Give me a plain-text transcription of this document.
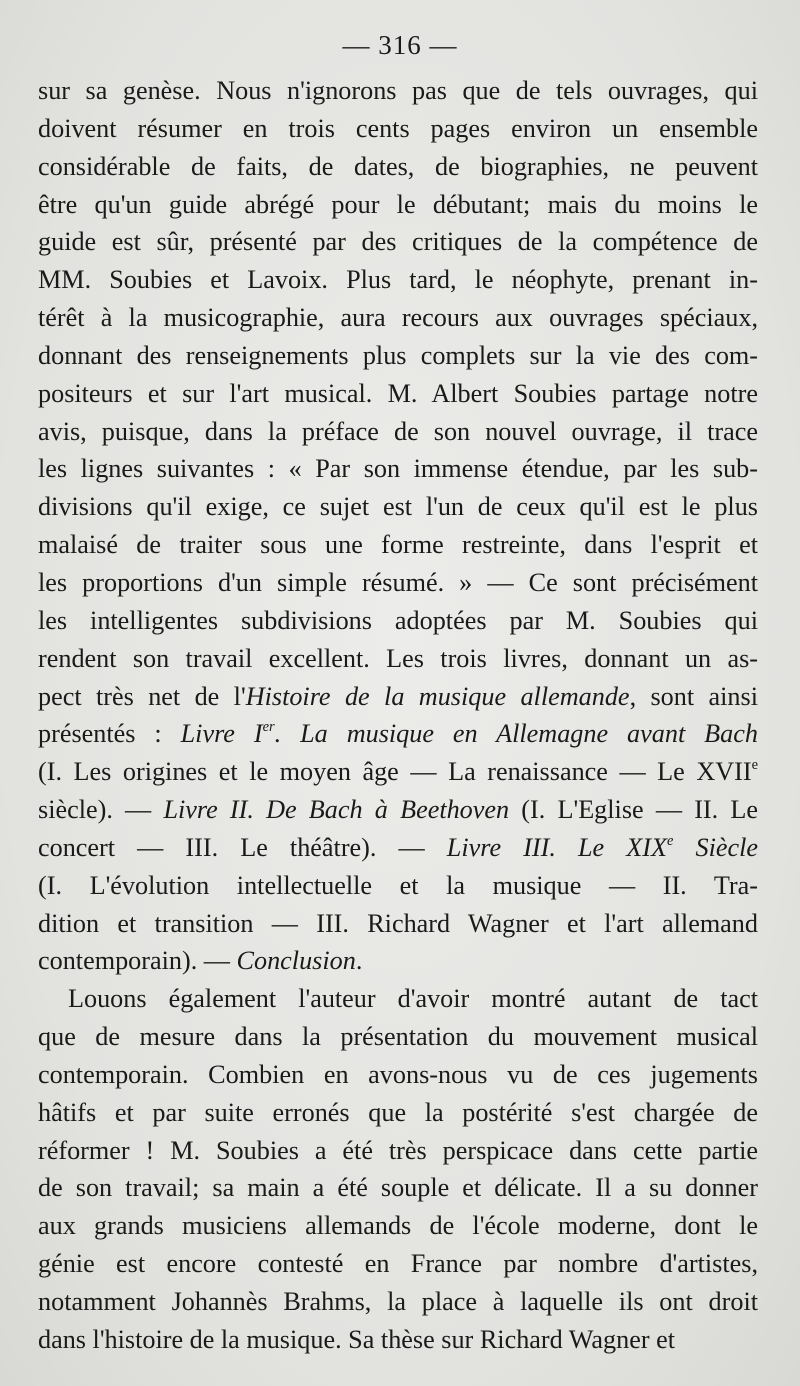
— 316 —
sur sa genèse. Nous n'ignorons pas que de tels ouvrages, qui
doivent résumer en trois cents pages environ un ensemble
considérable de faits, de dates, de biographies, ne peuvent
être qu'un guide abrégé pour le débutant; mais du moins le
guide est sûr, présenté par des critiques de la compétence de
MM. Soubies et Lavoix. Plus tard, le néophyte, prenant in-
térêt à la musicographie, aura recours aux ouvrages spéciaux,
donnant des renseignements plus complets sur la vie des com-
positeurs et sur l'art musical. M. Albert Soubies partage notre
avis, puisque, dans la préface de son nouvel ouvrage, il trace
les lignes suivantes : « Par son immense étendue, par les sub-
divisions qu'il exige, ce sujet est l'un de ceux qu'il est le plus
malaisé de traiter sous une forme restreinte, dans l'esprit et
les proportions d'un simple résumé. » — Ce sont précisément
les intelligentes subdivisions adoptées par M. Soubies qui
rendent son travail excellent. Les trois livres, donnant un as-
pect très net de l'Histoire de la musique allemande, sont ainsi
présentés : Livre Ier. La musique en Allemagne avant Bach
(I. Les origines et le moyen âge — La renaissance — Le XVIIe
siècle). — Livre II. De Bach à Beethoven (I. L'Eglise — II. Le
concert — III. Le théâtre). — Livre III. Le XIXe Siècle
(I. L'évolution intellectuelle et la musique — II. Tra-
dition et transition — III. Richard Wagner et l'art allemand
contemporain). — Conclusion.
Louons également l'auteur d'avoir montré autant de tact
que de mesure dans la présentation du mouvement musical
contemporain. Combien en avons-nous vu de ces jugements
hâtifs et par suite erronés que la postérité s'est chargée de
réformer ! M. Soubies a été très perspicace dans cette partie
de son travail; sa main a été souple et délicate. Il a su donner
aux grands musiciens allemands de l'école moderne, dont le
génie est encore contesté en France par nombre d'artistes,
notamment Johannès Brahms, la place à laquelle ils ont droit
dans l'histoire de la musique. Sa thèse sur Richard Wagner et
